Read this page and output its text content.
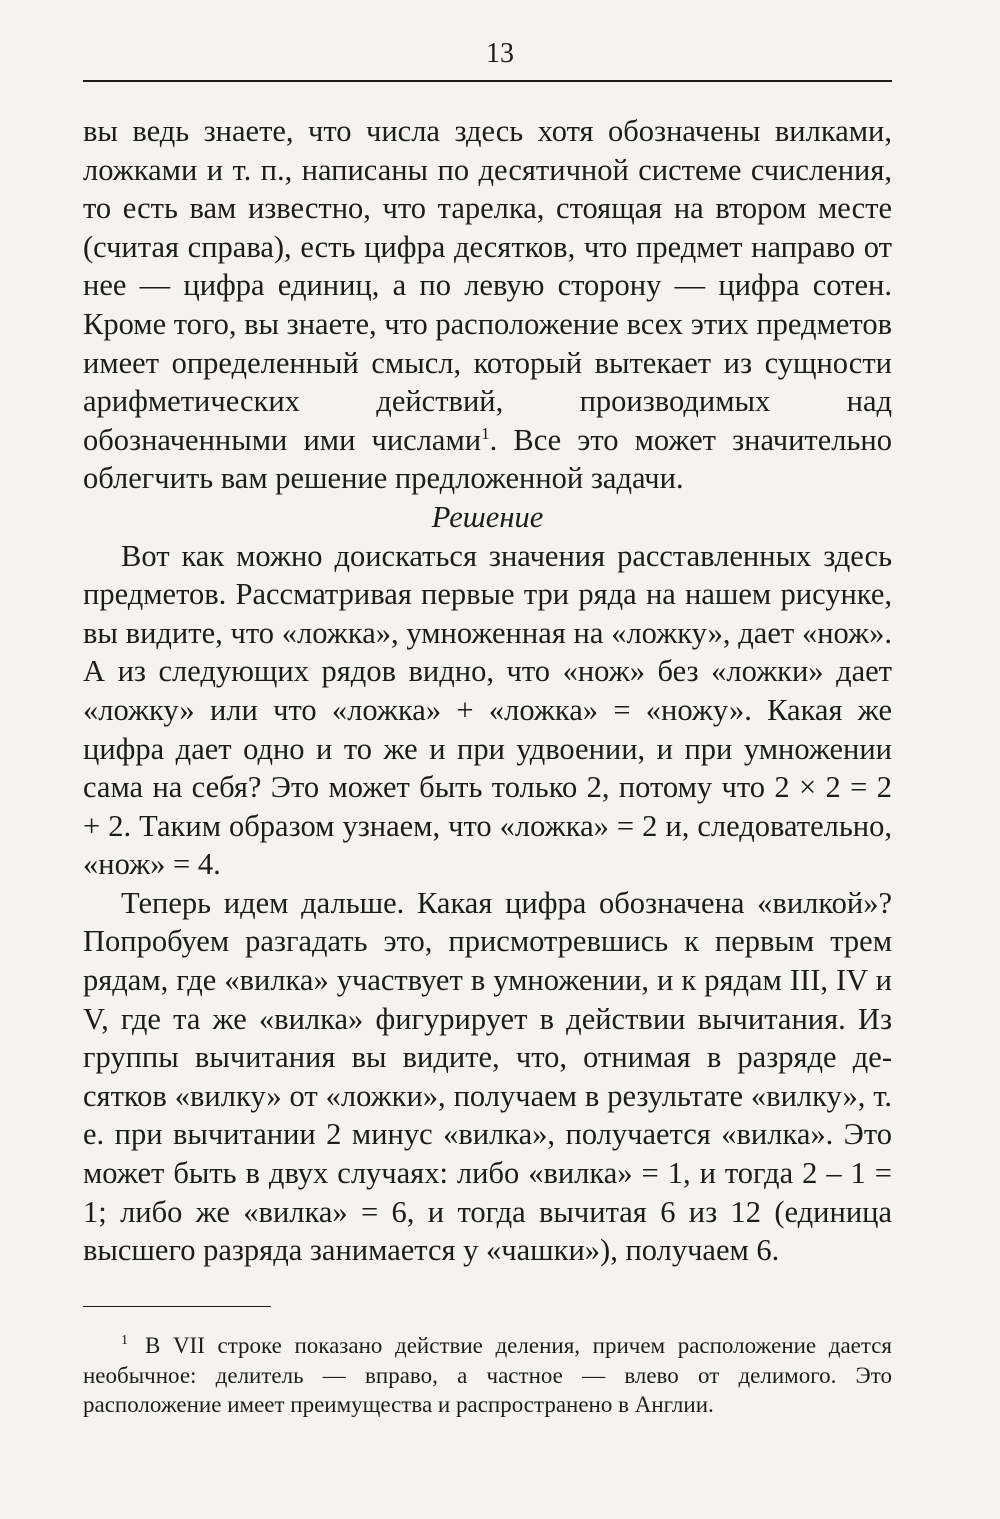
13

вы ведь знаете, что числа здесь хотя обозначены вилками, ложками и т. п., написаны по десятичной системе счисления, то есть вам известно, что тарелка, стоящая на втором месте (считая справа), есть цифра десятков, что предмет направо от нее — цифра единиц, а по левую сторону — цифра сотен. Кроме того, вы знаете, что расположение всех этих предметов имеет определенный смысл, который вытекает из сущности арифметических действий, производимых над обозначенными ими числами$^1$. Все это может значительно облегчить вам решение предложенной задачи.

Решение

Вот как можно доискаться значения расставленных здесь предметов. Рассматривая первые три ряда на нашем рисунке, вы видите, что «ложка», умноженная на «ложку», дает «нож». А из следующих рядов видно, что «нож» без «ложки» дает «ложку» или что «ложка» + «ложка» = «ножу». Какая же цифра дает одно и то же и при удвоении, и при умножении сама на себя? Это может быть только 2, потому что 2 × 2 = 2 + 2. Таким образом узнаем, что «ложка» = 2 и, следовательно, «нож» = 4.

Теперь идем дальше. Какая цифра обозначена «вилкой»? Попробуем разгадать это, присмотревшись к первым трем рядам, где «вилка» участвует в умножении, и к рядам III, IV и V, где та же «вилка» фигурирует в действии вычитания. Из группы вычитания вы видите, что, отнимая в разряде десятков «вилку» от «ложки», получаем в результате «вилку», т. е. при вычитании 2 минус «вилка», получается «вилка». Это может быть в двух случаях: либо «вилка» = 1, и тогда 2 – 1 = 1; либо же «вилка» = 6, и тогда вычитая 6 из 12 (единица высшего разряда занимается у «чашки»), получаем 6.

1 В VII строке показано действие деления, причем расположение дается необычное: делитель — вправо, а частное — влево от делимого. Это расположение имеет преимущества и распространено в Англии.
